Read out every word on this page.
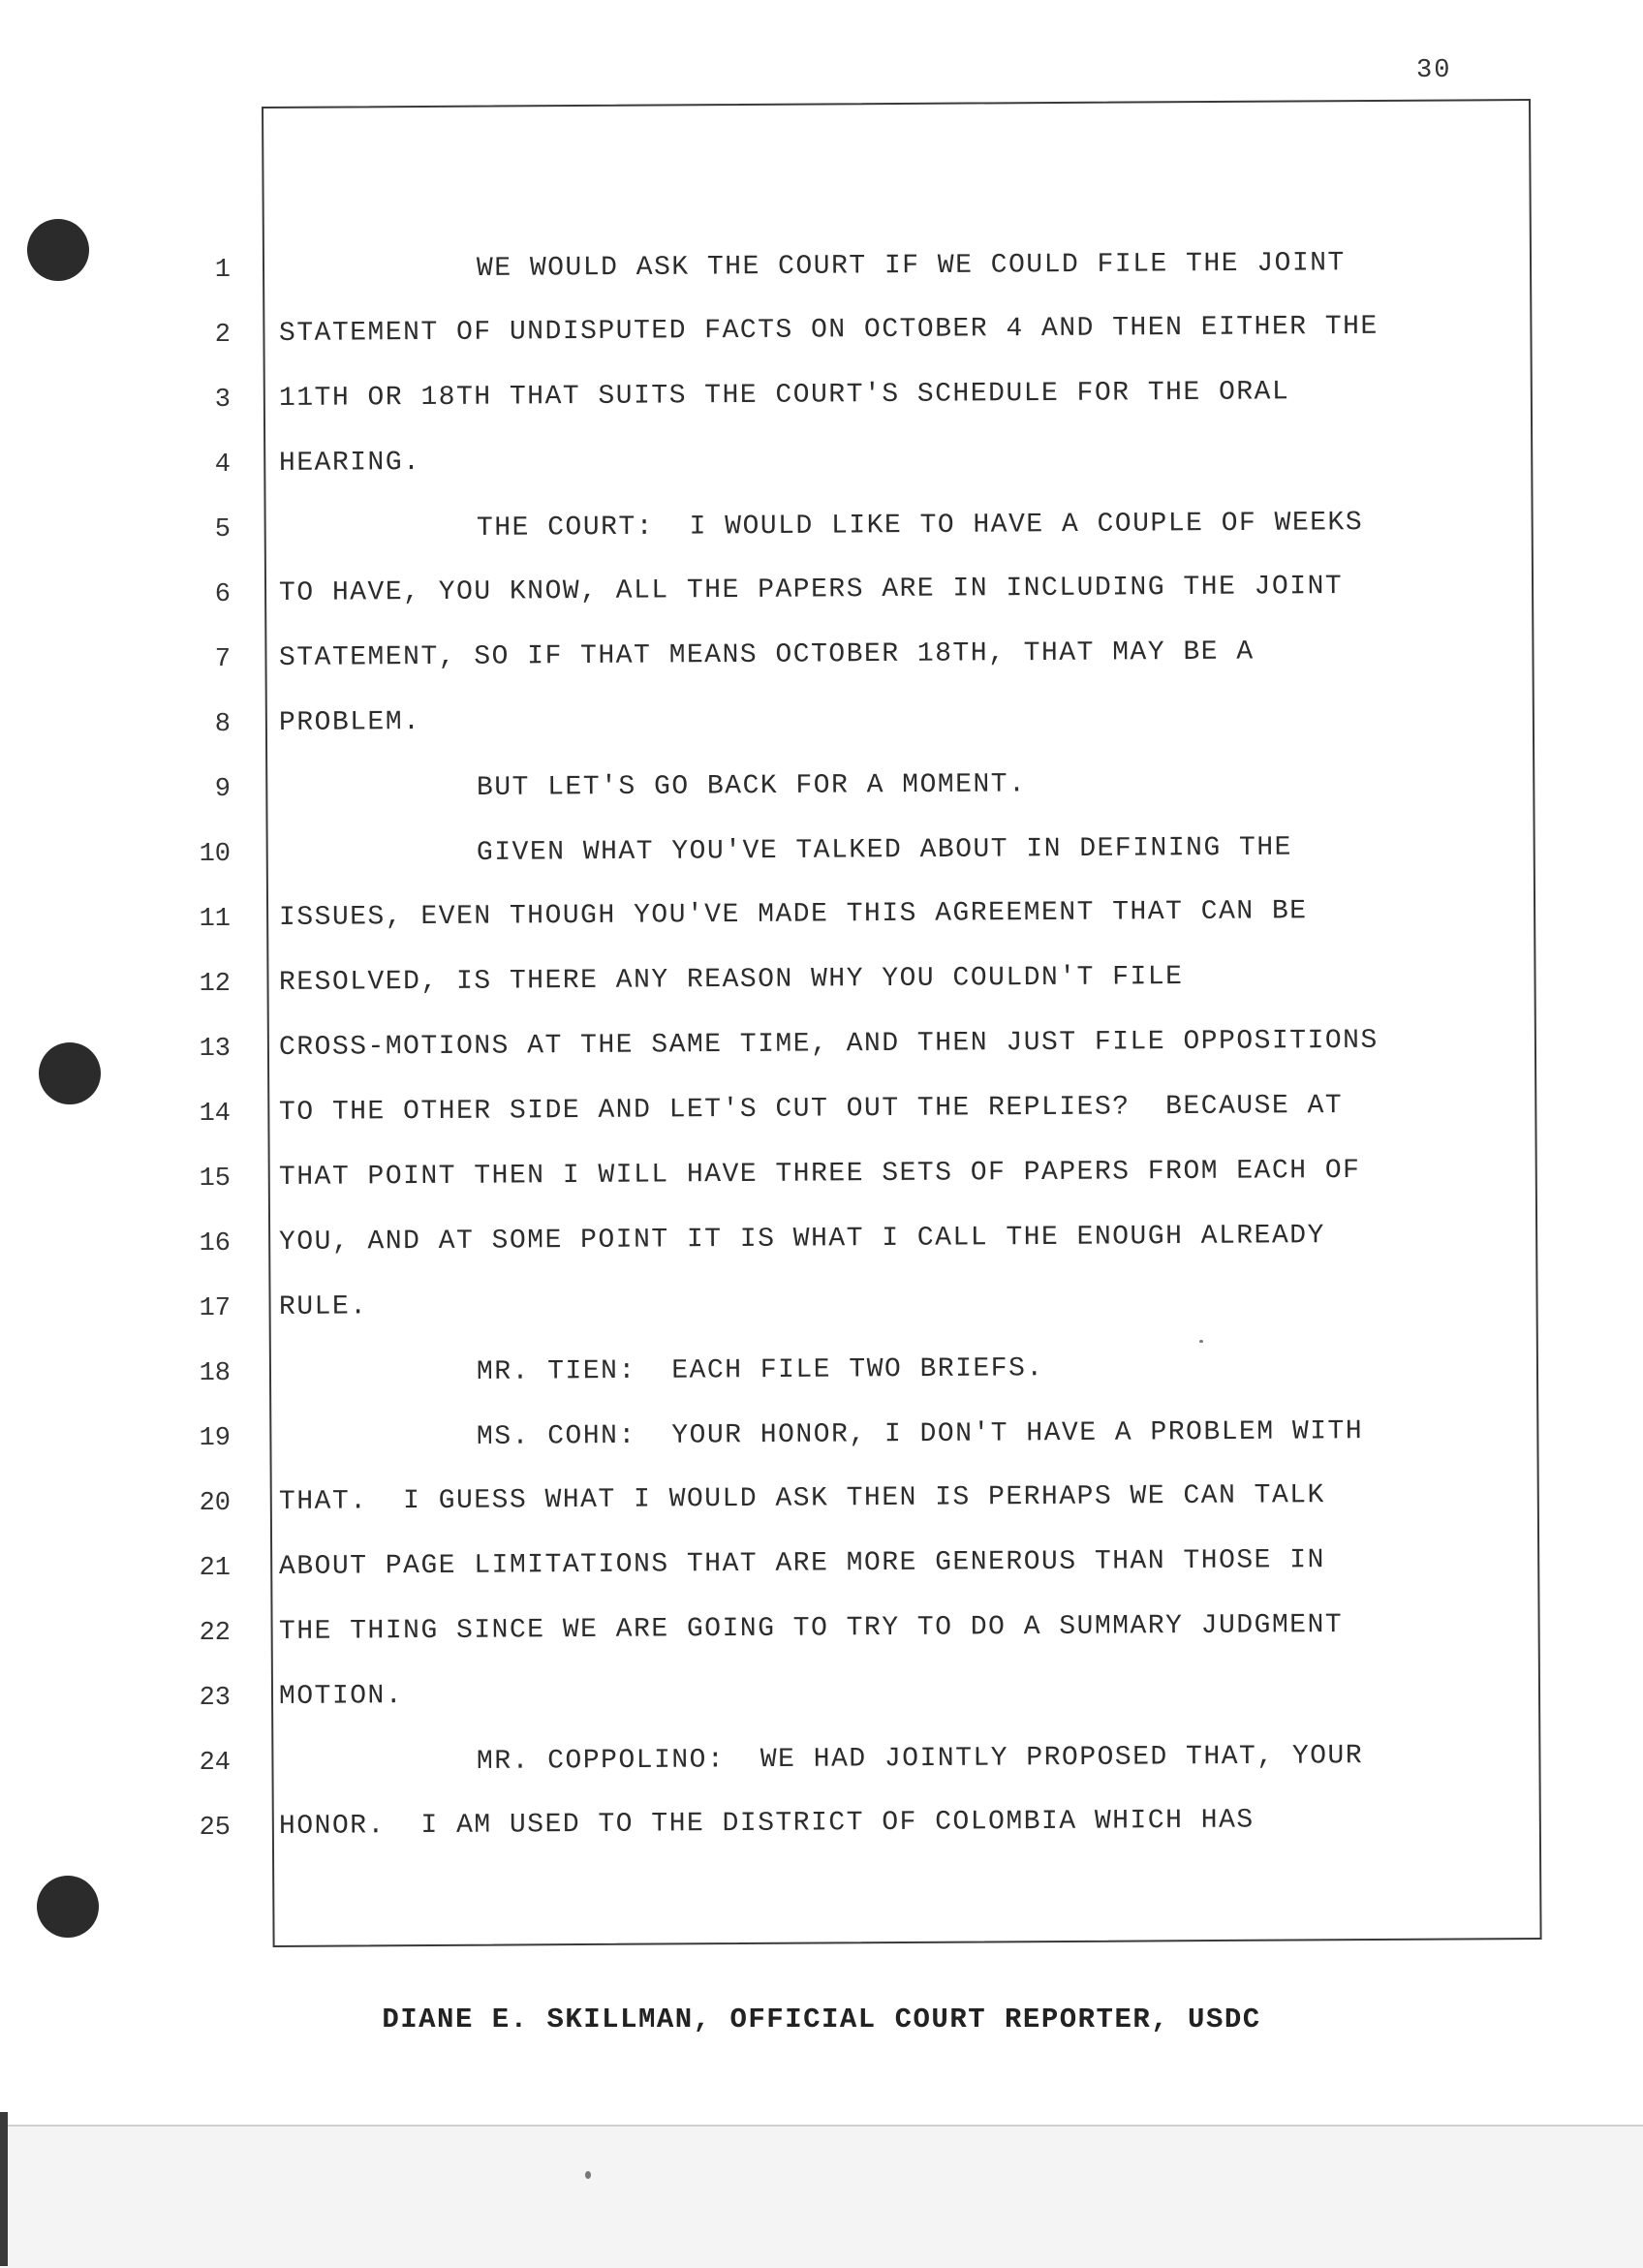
30
1	WE WOULD ASK THE COURT IF WE COULD FILE THE JOINT
2 STATEMENT OF UNDISPUTED FACTS ON OCTOBER 4 AND THEN EITHER THE
3 11TH OR 18TH THAT SUITS THE COURT'S SCHEDULE FOR THE ORAL
4 HEARING.
5	THE COURT:  I WOULD LIKE TO HAVE A COUPLE OF WEEKS
6 TO HAVE, YOU KNOW, ALL THE PAPERS ARE IN INCLUDING THE JOINT
7 STATEMENT, SO IF THAT MEANS OCTOBER 18TH, THAT MAY BE A
8 PROBLEM.
9	BUT LET'S GO BACK FOR A MOMENT.
10	GIVEN WHAT YOU'VE TALKED ABOUT IN DEFINING THE
11 ISSUES, EVEN THOUGH YOU'VE MADE THIS AGREEMENT THAT CAN BE
12 RESOLVED, IS THERE ANY REASON WHY YOU COULDN'T FILE
13 CROSS-MOTIONS AT THE SAME TIME, AND THEN JUST FILE OPPOSITIONS
14 TO THE OTHER SIDE AND LET'S CUT OUT THE REPLIES?  BECAUSE AT
15 THAT POINT THEN I WILL HAVE THREE SETS OF PAPERS FROM EACH OF
16 YOU, AND AT SOME POINT IT IS WHAT I CALL THE ENOUGH ALREADY
17 RULE.
18	MR. TIEN:  EACH FILE TWO BRIEFS.
19	MS. COHN:  YOUR HONOR, I DON'T HAVE A PROBLEM WITH
20 THAT.  I GUESS WHAT I WOULD ASK THEN IS PERHAPS WE CAN TALK
21 ABOUT PAGE LIMITATIONS THAT ARE MORE GENEROUS THAN THOSE IN
22 THE THING SINCE WE ARE GOING TO TRY TO DO A SUMMARY JUDGMENT
23 MOTION.
24	MR. COPPOLINO:  WE HAD JOINTLY PROPOSED THAT, YOUR
25 HONOR.  I AM USED TO THE DISTRICT OF COLOMBIA WHICH HAS
DIANE E. SKILLMAN, OFFICIAL COURT REPORTER, USDC
